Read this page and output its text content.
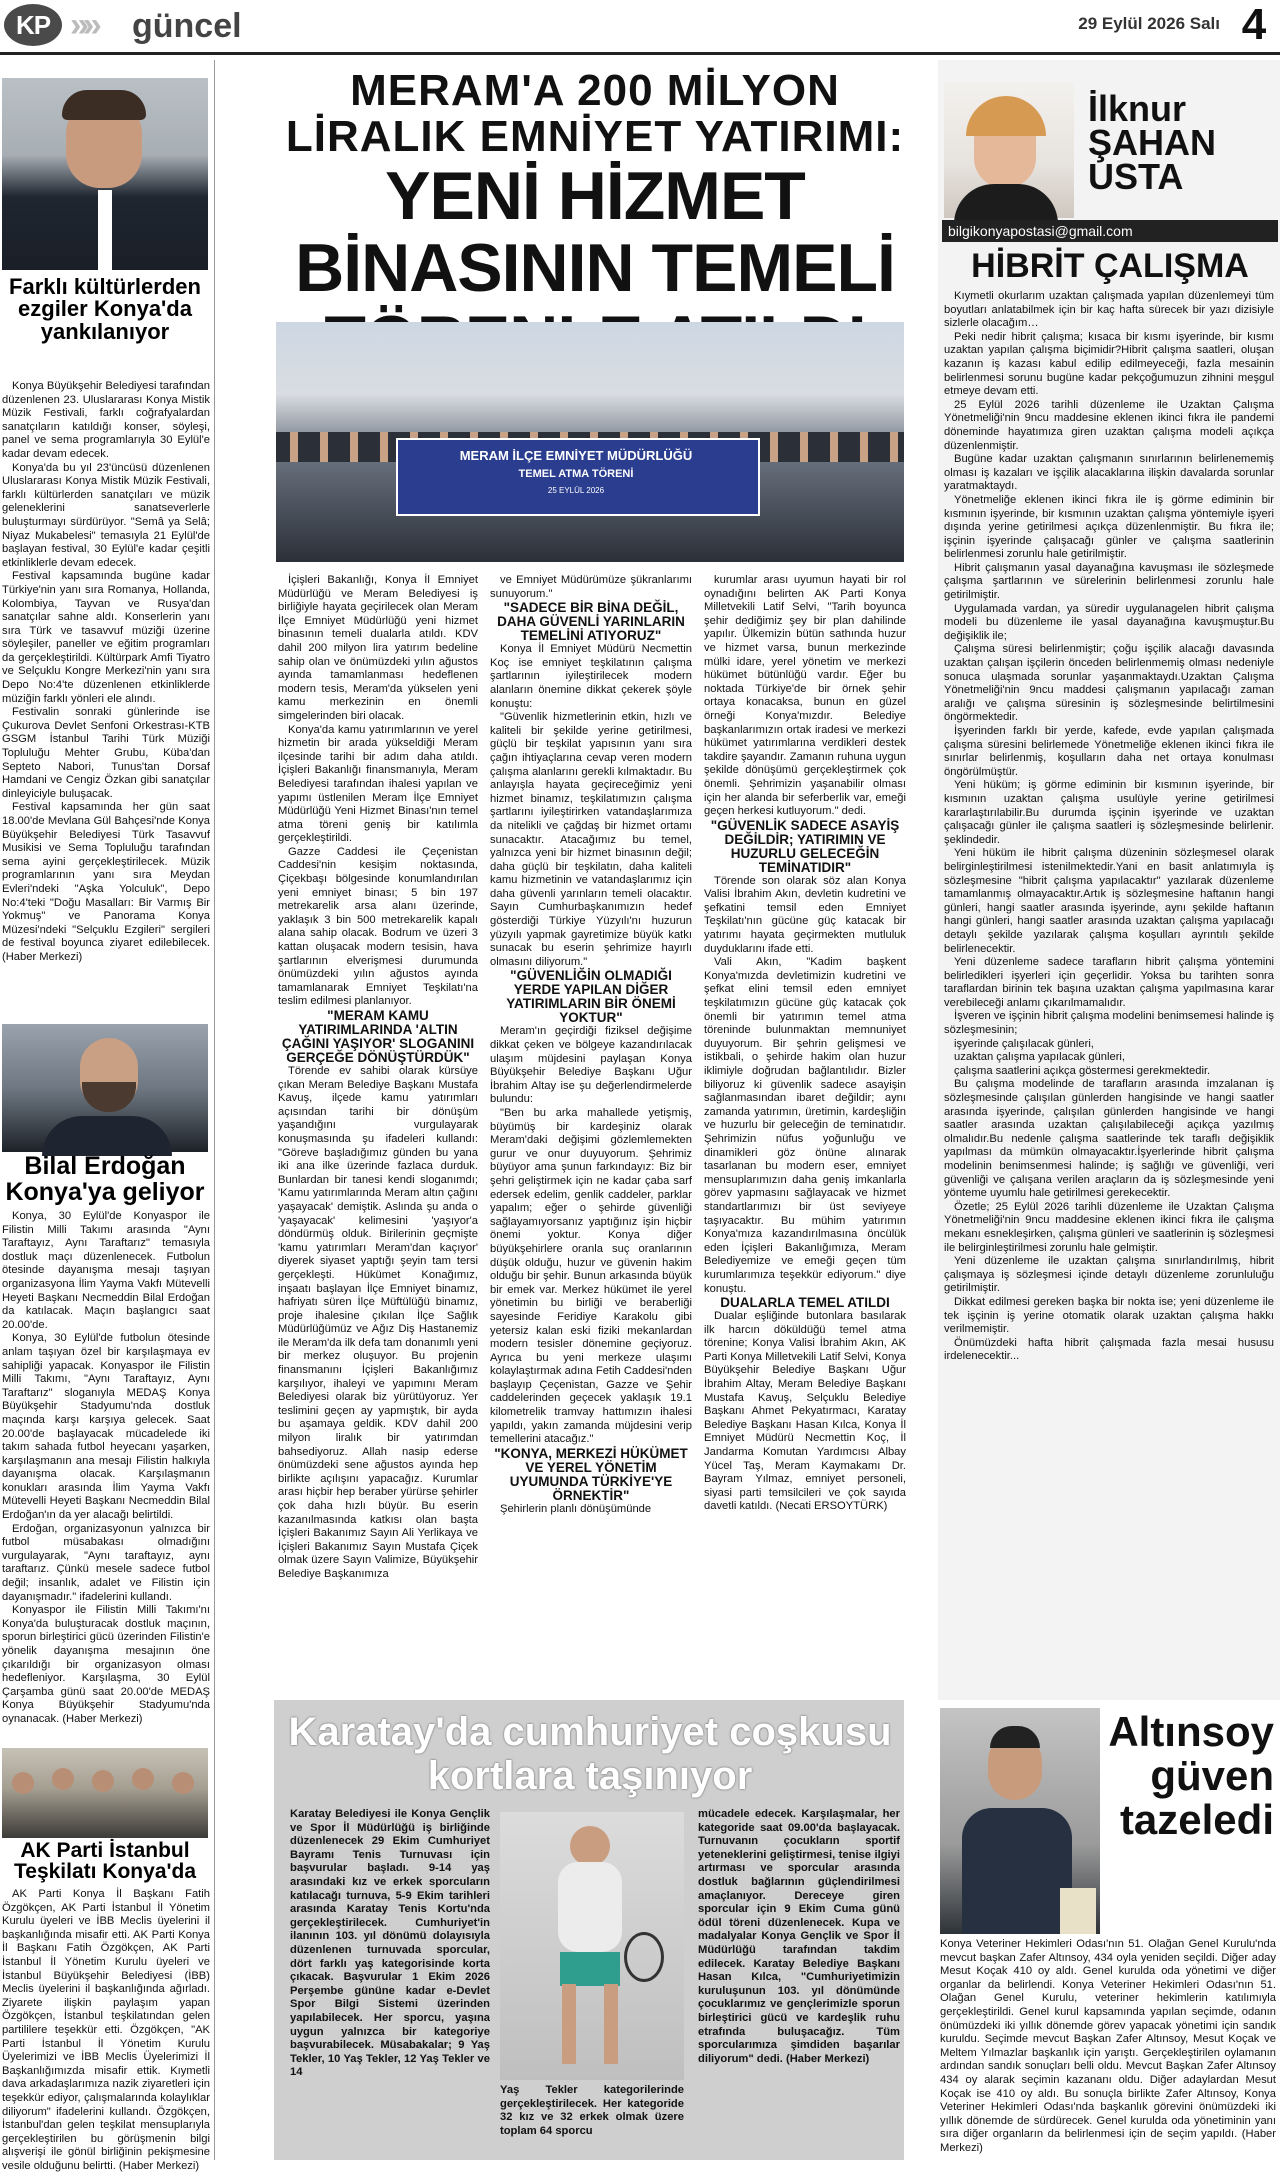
KP »» güncel	29 Eylül 2026 Salı 4
Farklı kültürlerden ezgiler Konya'da yankılanıyor

Konya Büyükşehir Belediyesi tarafından düzenlenen 23. Uluslararası Konya Mistik Müzik Festivali, farklı coğrafyalardan sanatçıların katıldığı konser, söyleşi, panel ve sema programlarıyla 30 Eylül'e kadar devam edecek.

Konya'da bu yıl 23'üncüsü düzenlenen Uluslararası Konya Mistik Müzik Festivali, farklı kültürlerden sanatçıları ve müzik geleneklerini sanatseverlerle buluşturmayı sürdürüyor. "Semâ ya Selâ; Niyaz Mukabelesi" temasıyla 21 Eylül'de başlayan festival, 30 Eylül'e kadar çeşitli etkinliklerle devam edecek.

Festival kapsamında bugüne kadar Türkiye'nin yanı sıra Romanya, Hollanda, Kolombiya, Tayvan ve Rusya'dan sanatçılar sahne aldı. Konserlerin yanı sıra Türk ve tasavvuf müziği üzerine söyleşiler, paneller ve eğitim programları da gerçekleştirildi. Kültürpark Amfi Tiyatro ve Selçuklu Kongre Merkezi'nin yanı sıra Depo No:4'te düzenlenen etkinliklerde müziğin farklı yönleri ele alındı.

Festivalin sonraki günlerinde ise Çukurova Devlet Senfoni Orkestrası-KTB GSGM İstanbul Tarihi Türk Müziği Topluluğu Mehter Grubu, Küba'dan Septeto Nabori, Tunus'tan Dorsaf Hamdani ve Cengiz Özkan gibi sanatçılar dinleyiciyle buluşacak.

Festival kapsamında her gün saat 18.00'de Mevlana Gül Bahçesi'nde Konya Büyükşehir Belediyesi Türk Tasavvuf Musikisi ve Sema Topluluğu tarafından sema ayini gerçekleştirilecek. Müzik programlarının yanı sıra Meydan Evleri'ndeki "Aşka Yolculuk", Depo No:4'teki "Doğu Masalları: Bir Varmış Bir Yokmuş" ve Panorama Konya Müzesi'ndeki "Selçuklu Ezgileri" sergileri de festival boyunca ziyaret edilebilecek. (Haber Merkezi)

Bilal Erdoğan Konya'ya geliyor

Konya, 30 Eylül'de Konyaspor ile Filistin Milli Takımı arasında "Aynı Taraftayız, Aynı Taraftarız" temasıyla dostluk maçı düzenlenecek. Futbolun ötesinde dayanışma mesajı taşıyan organizasyona İlim Yayma Vakfı Mütevelli Heyeti Başkanı Necmeddin Bilal Erdoğan da katılacak. Maçın başlangıcı saat 20.00'de.

Konya, 30 Eylül'de futbolun ötesinde anlam taşıyan özel bir karşılaşmaya ev sahipliği yapacak. Konyaspor ile Filistin Milli Takımı, "Aynı Taraftayız, Aynı Taraftarız" sloganıyla MEDAŞ Konya Büyükşehir Stadyumu'nda dostluk maçında karşı karşıya gelecek. Saat 20.00'de başlayacak mücadelede iki takım sahada futbol heyecanı yaşarken, karşılaşmanın ana mesajı Filistin halkıyla dayanışma olacak. Karşılaşmanın konukları arasında İlim Yayma Vakfı Mütevelli Heyeti Başkanı Necmeddin Bilal Erdoğan'ın da yer alacağı belirtildi.

Erdoğan, organizasyonun yalnızca bir futbol müsabakası olmadığını vurgulayarak, "Aynı taraftayız, aynı taraftarız. Çünkü mesele sadece futbol değil; insanlık, adalet ve Filistin için dayanışmadır." ifadelerini kullandı.

Konyaspor ile Filistin Milli Takımı'nı Konya'da buluşturacak dostluk maçının, sporun birleştirici gücü üzerinden Filistin'e yönelik dayanışma mesajının öne çıkarıldığı bir organizasyon olması hedefleniyor. Karşılaşma, 30 Eylül Çarşamba günü saat 20.00'de MEDAŞ Konya Büyükşehir Stadyumu'nda oynanacak. (Haber Merkezi)

AK Parti İstanbul Teşkilatı Konya'da

AK Parti Konya İl Başkanı Fatih Özgökçen, AK Parti İstanbul İl Yönetim Kurulu üyeleri ve İBB Meclis üyelerini il başkanlığında misafir etti. AK Parti Konya İl Başkanı Fatih Özgökçen, AK Parti İstanbul İl Yönetim Kurulu üyeleri ve İstanbul Büyükşehir Belediyesi (İBB) Meclis üyelerini il başkanlığında ağırladı. Ziyarete ilişkin paylaşım yapan Özgökçen, İstanbul teşkilatından gelen partililere teşekkür etti. Özgökçen, "AK Parti İstanbul İl Yönetim Kurulu Üyelerimizi ve İBB Meclis Üyelerimizi İl Başkanlığımızda misafir ettik. Kıymetli dava arkadaşlarımıza nazik ziyaretleri için teşekkür ediyor, çalışmalarında kolaylıklar diliyorum" ifadelerini kullandı. Özgökçen, İstanbul'dan gelen teşkilat mensuplarıyla gerçekleştirilen bu görüşmenin bilgi alışverişi ile gönül birliğinin pekişmesine vesile olduğunu belirtti. (Haber Merkezi)

MERAM'A 200 MİLYON LİRALIK EMNİYET YATIRIMI:
YENİ HİZMET BİNASININ TEMELİ
MERAM İLÇE EMNİYET MÜDÜRLÜĞÜ
TEMEL ATMA TÖRENİ
25 EYLÜL 2026

İçişleri Bakanlığı, Konya İl Emniyet Müdürlüğü ve Meram Belediyesi iş birliğiyle hayata geçirilecek olan Meram İlçe Emniyet Müdürlüğü yeni hizmet binasının temeli dualarla atıldı. KDV dahil 200 milyon lira yatırım bedeline sahip olan ve önümüzdeki yılın ağustos ayında tamamlanması hedeflenen modern tesis, Meram'da yükselen yeni kamu merkezinin en önemli simgelerinden biri olacak.

Konya'da kamu yatırımlarının ve yerel hizmetin bir arada yükseldiği Meram ilçesinde tarihi bir adım daha atıldı. İçişleri Bakanlığı finansmanıyla, Meram Belediyesi tarafından ihalesi yapılan ve yapımı üstlenilen Meram İlçe Emniyet Müdürlüğü Yeni Hizmet Binası'nın temel atma töreni geniş bir katılımla gerçekleştirildi.

Gazze Caddesi ile Çeçenistan Caddesi'nin kesişim noktasında, Çiçekbaşı bölgesinde konumlandırılan yeni emniyet binası; 5 bin 197 metrekarelik arsa alanı üzerinde, yaklaşık 3 bin 500 metrekarelik kapalı alana sahip olacak. Bodrum ve üzeri 3 kattan oluşacak modern tesisin, hava şartlarının elverişmesi durumunda önümüzdeki yılın ağustos ayında tamamlanarak Emniyet Teşkilatı'na teslim edilmesi planlanıyor.

"MERAM KAMU YATIRIMLARINDA 'ALTIN ÇAĞINI YAŞIYOR' SLOGANINI GERÇEĞE DÖNÜŞTÜRDÜK"

Törende ev sahibi olarak kürsüye çıkan Meram Belediye Başkanı Mustafa Kavuş, ilçede kamu yatırımları açısından tarihi bir dönüşüm yaşandığını vurgulayarak konuşmasında şu ifadeleri kullandı: "Göreve başladığımız günden bu yana iki ana ilke üzerinde fazlaca durduk. Bunlardan bir tanesi kendi sloganımdı; 'Kamu yatırımlarında Meram altın çağını yaşayacak' demiştik. Aslında şu anda o 'yaşayacak' kelimesini 'yaşıyor'a döndürmüş olduk. Birilerinin geçmişte 'kamu yatırımları Meram'dan kaçıyor' diyerek siyaset yaptığı şeyin tam tersi gerçekleşti. Hükümet Konağımız, inşaatı başlayan İlçe Emniyet binamız, hafriyatı süren İlçe Müftülüğü binamız, proje ihalesine çıkılan İlçe Sağlık Müdürlüğümüz ve Ağız Diş Hastanemiz ile Meram'da ilk defa tam donanımlı yeni bir merkez oluşuyor. Bu projenin finansmanını İçişleri Bakanlığımız karşılıyor, ihaleyi ve yapımını Meram Belediyesi olarak biz yürütüyoruz. Yer teslimini geçen ay yapmıştık, bir ayda bu aşamaya geldik. KDV dahil 200 milyon liralık bir yatırımdan bahsediyoruz. Allah nasip ederse önümüzdeki sene ağustos ayında hep birlikte açılışını yapacağız. Kurumlar arası hiçbir hep beraber yürürse şehirler çok daha hızlı büyür. Bu eserin kazanılmasında katkısı olan başta İçişleri Bakanımız Sayın Ali Yerlikaya ve İçişleri Bakanımız Sayın Mustafa Çiçek olmak üzere Sayın Valimize, Büyükşehir Belediye Başkanımıza

ve Emniyet Müdürümüze şükranlarımı sunuyorum."

"SADECE BİR BİNA DEĞİL, DAHA GÜVENLİ YARINLARIN TEMELİNİ ATIYORUZ"

Konya İl Emniyet Müdürü Necmettin Koç ise emniyet teşkilatının çalışma şartlarının iyileştirilecek modern alanların önemine dikkat çekerek şöyle konuştu:

"Güvenlik hizmetlerinin etkin, hızlı ve kaliteli bir şekilde yerine getirilmesi, güçlü bir teşkilat yapısının yanı sıra çağın ihtiyaçlarına cevap veren modern çalışma alanlarını gerekli kılmaktadır. Bu anlayışla hayata geçireceğimiz yeni hizmet binamız, teşkilatımızın çalışma şartlarını iyileştirirken vatandaşlarımıza da nitelikli ve çağdaş bir hizmet ortamı sunacaktır. Atacağımız bu temel, yalnızca yeni bir hizmet binasının değil; daha güçlü bir teşkilatın, daha kaliteli kamu hizmetinin ve vatandaşlarımız için daha güvenli yarınların temeli olacaktır. Sayın Cumhurbaşkanımızın hedef gösterdiği Türkiye Yüzyılı'nı huzurun yüzyılı yapmak gayretimize büyük katkı sunacak bu eserin şehrimize hayırlı olmasını diliyorum."

"GÜVENLİĞİN OLMADIĞI YERDE YAPILAN DİĞER YATIRIMLARIN BİR ÖNEMİ YOKTUR"

Meram'ın geçirdiği fiziksel değişime dikkat çeken ve bölgeye kazandırılacak ulaşım müjdesini paylaşan Konya Büyükşehir Belediye Başkanı Uğur İbrahim Altay ise şu değerlendirmelerde bulundu:

"Ben bu arka mahallede yetişmiş, büyümüş bir kardeşiniz olarak Meram'daki değişimi gözlemlemekten gurur ve onur duyuyorum. Şehrimiz büyüyor ama şunun farkındayız: Biz bir şehri geliştirmek için ne kadar çaba sarf edersek edelim, genlik caddeler, parklar yapalım; eğer o şehirde güvenliği sağlayamıyorsanız yaptığınız işin hiçbir önemi yoktur. Konya diğer büyükşehirlere oranla suç oranlarının düşük olduğu, huzur ve güvenin hakim olduğu bir şehir. Bunun arkasında büyük bir emek var. Merkez hükümet ile yerel yönetimin bu birliği ve beraberliği sayesinde Feridiye Karakolu gibi yetersiz kalan eski fiziki mekanlardan modern tesisler dönemine geçiyoruz. Ayrıca bu yeni merkeze ulaşımı kolaylaştırmak adına Fetih Caddesi'nden başlayıp Çeçenistan, Gazze ve Şehir caddelerinden geçecek yaklaşık 19.1 kilometrelik tramvay hattımızın ihalesi yapıldı, yakın zamanda müjdesini verip temellerini atacağız."

"KONYA, MERKEZİ HÜKÜMET VE YEREL YÖNETİM UYUMUNDA TÜRKİYE'YE ÖRNEKTİR"

Şehirlerin planlı dönüşümünde

kurumlar arası uyumun hayati bir rol oynadığını belirten AK Parti Konya Milletvekili Latif Selvi, "Tarih boyunca şehir dediğimiz şey bir plan dahilinde yapılır. Ülkemizin bütün sathında huzur ve hizmet varsa, bunun merkezinde mülki idare, yerel yönetim ve merkezi hükümet bütünlüğü vardır. Eğer bu noktada Türkiye'de bir örnek şehir ortaya konacaksa, bunun en güzel örneği Konya'mızdır. Belediye başkanlarımızın ortak iradesi ve merkezi hükümet yatırımlarına verdikleri destek takdire şayandır. Zamanın ruhuna uygun şekilde dönüşümü gerçekleştirmek çok önemli. Şehrimizin yaşanabilir olması için her alanda bir seferberlik var, emeği geçen herkesi kutluyorum." dedi.

"GÜVENLİK SADECE ASAYİŞ DEĞİLDİR; YATIRIMIN VE HUZURLU GELECEĞİN TEMİNATIDIR"

Törende son olarak söz alan Konya Valisi İbrahim Akın, devletin kudretini ve şefkatini temsil eden Emniyet Teşkilatı'nın gücüne güç katacak bir yatırımı hayata geçirmekten mutluluk duyduklarını ifade etti.

Vali Akın, "Kadim başkent Konya'mızda devletimizin kudretini ve şefkat elini temsil eden emniyet teşkilatımızın gücüne güç katacak çok önemli bir yatırımın temel atma töreninde bulunmaktan memnuniyet duyuyorum. Bir şehrin gelişmesi ve istikbali, o şehirde hakim olan huzur iklimiyle doğrudan bağlantılıdır. Bizler biliyoruz ki güvenlik sadece asayişin sağlanmasından ibaret değildir; aynı zamanda yatırımın, üretimin, kardeşliğin ve huzurlu bir geleceğin de teminatıdır. Şehrimizin nüfus yoğunluğu ve dinamikleri göz önüne alınarak tasarlanan bu modern eser, emniyet mensuplarımızın daha geniş imkanlarla görev yapmasını sağlayacak ve hizmet standartlarımızı bir üst seviyeye taşıyacaktır. Bu mühim yatırımın Konya'mıza kazandırılmasına öncülük eden İçişleri Bakanlığımıza, Meram Belediyemize ve emeği geçen tüm kurumlarımıza teşekkür ediyorum." diye konuştu.

DUALARLA TEMEL ATILDI

Dualar eşliğinde butonlara basılarak ilk harcın döküldüğü temel atma törenine; Konya Valisi İbrahim Akın, AK Parti Konya Milletvekili Latif Selvi, Konya Büyükşehir Belediye Başkanı Uğur İbrahim Altay, Meram Belediye Başkanı Mustafa Kavuş, Selçuklu Belediye Başkanı Ahmet Pekyatırmacı, Karatay Belediye Başkanı Hasan Kılca, Konya İl Emniyet Müdürü Necmettin Koç, İl Jandarma Komutan Yardımcısı Albay Yücel Taş, Meram Kaymakamı Dr. Bayram Yılmaz, emniyet personeli, siyasi parti temsilcileri ve çok sayıda davetli katıldı. (Necati ERSOYTÜRK)

İlknur ŞAHAN USTA
bilgikonyapostasi@gmail.com
HİBRİT ÇALIŞMA

Kıymetli okurlarım uzaktan çalışmada yapılan düzenlemeyi tüm boyutları anlatabilmek için bir kaç hafta sürecek bir yazı dizisiyle sizlerle olacağım…

Peki nedir hibrit çalışma; kısaca bir kısmı işyerinde, bir kısmı uzaktan yapılan çalışma biçimidir?Hibrit çalışma saatleri, oluşan kazanın iş kazası kabul edilip edilmeyeceği, fazla mesainin belirlenmesi sorunu bugüne kadar pekçoğumuzun zihnini meşgul etmeye devam etti.

25 Eylül 2026 tarihli düzenleme ile Uzaktan Çalışma Yönetmeliği'nin 9ncu maddesine eklenen ikinci fıkra ile pandemi döneminde hayatımıza giren uzaktan çalışma modeli açıkça düzenlenmiştir.

Bugüne kadar uzaktan çalışmanın sınırlarının belirlenememiş olması iş kazaları ve işçilik alacaklarına ilişkin davalarda sorunlar yaratmaktaydı.

Yönetmeliğe eklenen ikinci fıkra ile iş görme ediminin bir kısmının işyerinde, bir kısmının uzaktan çalışma yöntemiyle işyeri dışında yerine getirilmesi açıkça düzenlenmiştir. Bu fıkra ile; işçinin işyerinde çalışacağı günler ve çalışma saatlerinin belirlenmesi zorunlu hale getirilmiştir.

Hibrit çalışmanın yasal dayanağına kavuşması ile sözleşmede çalışma şartlarının ve sürelerinin belirlenmesi zorunlu hale getirilmiştir.

Uygulamada vardan, ya süredir uygulanagelen hibrit çalışma modeli bu düzenleme ile yasal dayanağına kavuşmuştur.Bu değişiklik ile;

Çalışma süresi belirlenmiştir; çoğu işçilik alacağı davasında uzaktan çalışan işçilerin önceden belirlenmemiş olması nedeniyle sonuca ulaşmada sorunlar yaşanmaktaydı.Uzaktan Çalışma Yönetmeliği'nin 9ncu maddesi çalışmanın yapılacağı zaman aralığı ve çalışma süresinin iş sözleşmesinde belirtilmesini öngörmektedir.

İşyerinden farklı bir yerde, kafede, evde yapılan çalışmada çalışma süresini belirlemede Yönetmeliğe eklenen ikinci fıkra ile sınırlar belirlenmiş, koşulların daha net ortaya konulması öngörülmüştür.

Yeni hüküm; iş görme ediminin bir kısmının işyerinde, bir kısmının uzaktan çalışma usulüyle yerine getirilmesi kararlaştırılabilir.Bu durumda işçinin işyerinde ve uzaktan çalışacağı günler ile çalışma saatleri iş sözleşmesinde belirlenir. şeklindedir.

Yeni hüküm ile hibrit çalışma düzeninin sözleşmesel olarak belirginleştirilmesi istenilmektedir.Yani en basit anlatımıyla iş sözleşmesine "hibrit çalışma yapılacaktır" yazılarak düzenleme tamamlanmış olmayacaktır.Artık iş sözleşmesine haftanın hangi günleri, hangi saatler arasında işyerinde, aynı şekilde haftanın hangi günleri, hangi saatler arasında uzaktan çalışma yapılacağı detaylı şekilde yazılarak çalışma koşulları ayrıntılı şekilde belirlenecektir.

Yeni düzenleme sadece tarafların hibrit çalışma yöntemini belirledikleri işyerleri için geçerlidir. Yoksa bu tarihten sonra taraflardan birinin tek başına uzaktan çalışma yapılmasına karar verebileceği anlamı çıkarılmamalıdır.

İşveren ve işçinin hibrit çalışma modelini benimsemesi halinde iş sözleşmesinin;

işyerinde çalışılacak günleri,

uzaktan çalışma yapılacak günleri,

çalışma saatlerini açıkça göstermesi gerekmektedir.

Bu çalışma modelinde de tarafların arasında imzalanan iş sözleşmesinde çalışılan günlerden hangisinde ve hangi saatler arasında işyerinde, çalışılan günlerden hangisinde ve hangi saatler arasında uzaktan çalışılabileceği açıkça yazılmış olmalıdır.Bu nedenle çalışma saatlerinde tek taraflı değişiklik yapılması da mümkün olmayacaktır.İşyerlerinde hibrit çalışma modelinin benimsenmesi halinde; iş sağlığı ve güvenliği, veri güvenliği ve çalışana verilen araçların da iş sözleşmesinde yeni yönteme uyumlu hale getirilmesi gerekecektir.

Özetle; 25 Eylül 2026 tarihli düzenleme ile Uzaktan Çalışma Yönetmeliği'nin 9ncu maddesine eklenen ikinci fıkra ile çalışma mekanı esnekleşirken, çalışma günleri ve saatlerinin iş sözleşmesi ile belirginleştirilmesi zorunlu hale gelmiştir.

Yeni düzenleme ile uzaktan çalışma sınırlandırılmış, hibrit çalışmaya iş sözleşmesi içinde detaylı düzenleme zorunluluğu getirilmiştir.

Dikkat edilmesi gereken başka bir nokta ise; yeni düzenleme ile tek işçinin iş yerine otomatik olarak uzaktan çalışma hakkı verilmemiştir.

Önümüzdeki hafta hibrit çalışmada fazla mesai hususu irdelenecektir...

Karatay'da cumhuriyet coşkusu kortlara taşınıyor
Karatay Belediyesi ile Konya Gençlik ve Spor İl Müdürlüğü iş birliğinde düzenlenecek 29 Ekim Cumhuriyet Bayramı Tenis Turnuvası için başvurular başladı. 9-14 yaş arasındaki kız ve erkek sporcuların katılacağı turnuva, 5-9 Ekim tarihleri arasında Karatay Tenis Kortu'nda gerçekleştirilecek. Cumhuriyet'in ilanının 103. yıl dönümü dolayısıyla düzenlenen turnuvada sporcular, dört farklı yaş kategorisinde korta çıkacak. Başvurular 1 Ekim 2026 Perşembe gününe kadar e-Devlet Spor Bilgi Sistemi üzerinden yapılabilecek. Her sporcu, yaşına uygun yalnızca bir kategoriye başvurabilecek. Müsabakalar; 9 Yaş Tekler, 10 Yaş Tekler, 12 Yaş Tekler ve 14
Yaş Tekler kategorilerinde gerçekleştirilecek. Her kategoride 32 kız ve 32 erkek olmak üzere toplam 64 sporcu
mücadele edecek. Karşılaşmalar, her kategoride saat 09.00'da başlayacak. Turnuvanın çocukların sportif yeteneklerini geliştirmesi, tenise ilgiyi artırması ve sporcular arasında dostluk bağlarının güçlendirilmesi amaçlanıyor. Dereceye giren sporcular için 9 Ekim Cuma günü ödül töreni düzenlenecek. Kupa ve madalyalar Konya Gençlik ve Spor İl Müdürlüğü tarafından takdim edilecek. Karatay Belediye Başkanı Hasan Kılca, "Cumhuriyetimizin kuruluşunun 103. yıl dönümünde çocuklarımız ve gençlerimizle sporun birleştirici gücü ve kardeşlik ruhu etrafında buluşacağız. Tüm sporcularımıza şimdiden başarılar diliyorum" dedi. (Haber Merkezi)
Altınsoy güven tazeledi
Konya Veteriner Hekimleri Odası'nın 51. Olağan Genel Kurulu'nda mevcut başkan Zafer Altınsoy, 434 oyla yeniden seçildi. Diğer aday Mesut Koçak 410 oy aldı. Genel kurulda oda yönetimi ve diğer organlar da belirlendi. Konya Veteriner Hekimleri Odası'nın 51. Olağan Genel Kurulu, veteriner hekimlerin katılımıyla gerçekleştirildi. Genel kurul kapsamında yapılan seçimde, odanın önümüzdeki iki yıllık dönemde görev yapacak yönetimi için sandık kuruldu. Seçimde mevcut Başkan Zafer Altınsoy, Mesut Koçak ve Meltem Yılmazlar başkanlık için yarıştı. Gerçekleştirilen oylamanın ardından sandık sonuçları belli oldu. Mevcut Başkan Zafer Altınsoy 434 oy alarak seçimin kazananı oldu. Diğer adaylardan Mesut Koçak ise 410 oy aldı. Bu sonuçla birlikte Zafer Altınsoy, Konya Veteriner Hekimleri Odası'nda başkanlık görevini önümüzdeki iki yıllık dönemde de sürdürecek. Genel kurulda oda yönetiminin yanı sıra diğer organların da belirlenmesi için de seçim yapıldı. (Haber Merkezi)
